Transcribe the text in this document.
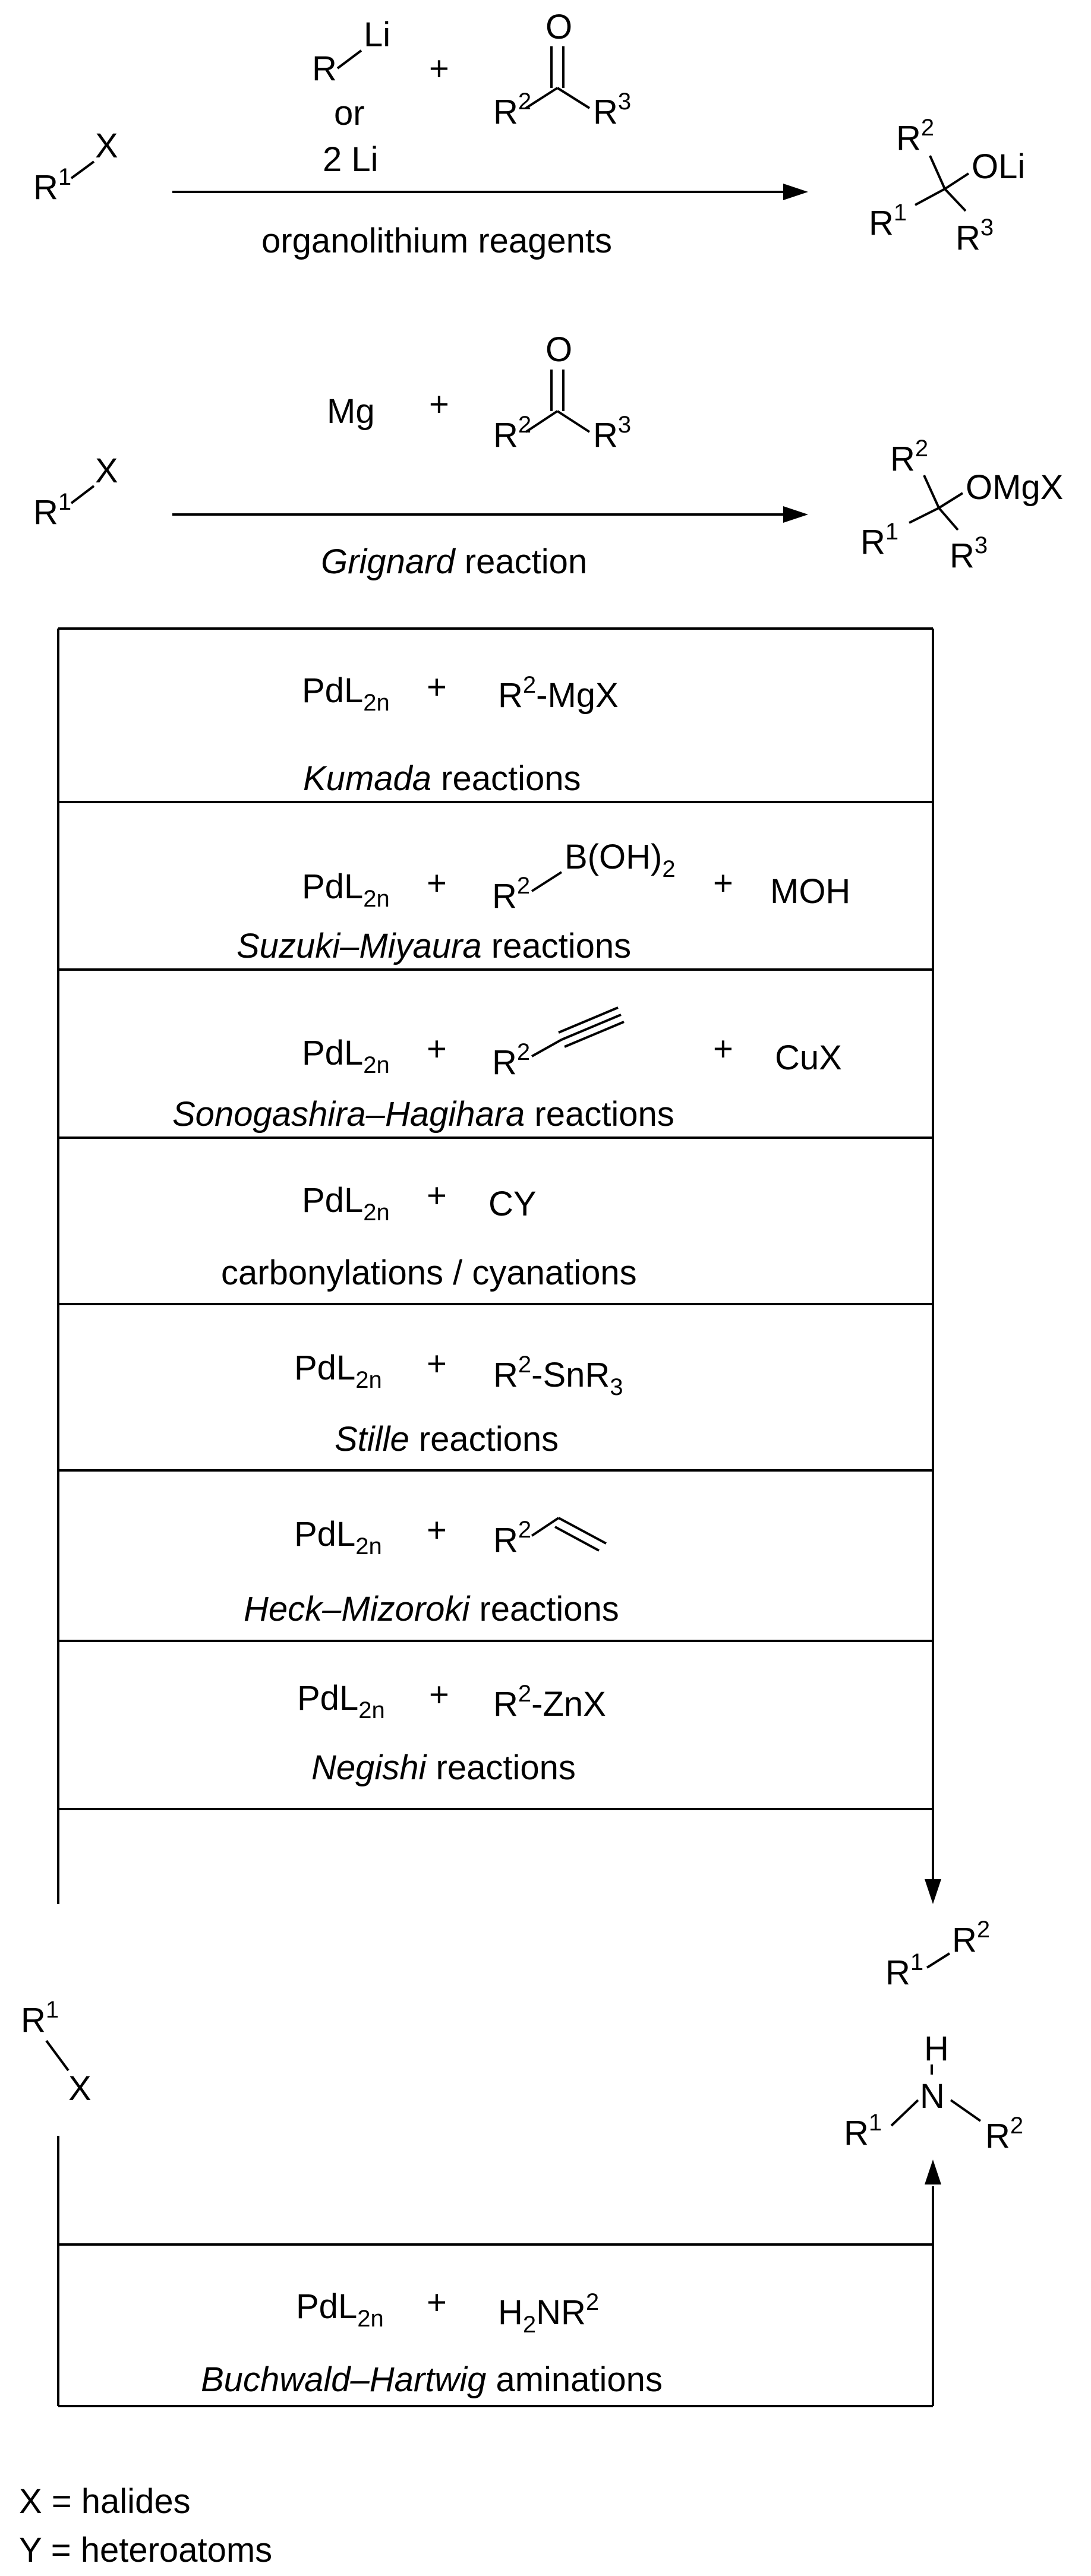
$R^1$
X
R
Li
+
or
2 Li
O
$R^2$ $R^3$
organolithium reagents
$R^2$
OLi
$R^1$
$R^3$
$R^1$
X
Mg +
O
$R^2$ $R^3$
Grignard reaction
$R^2$
OMgX
$R^1$
$R^3$
$PdL_{2n} + R^2$-MgX
Kumada reactions
$PdL_{2n} + R^2$
$B(OH)_2$ + MOH
Suzuki–Miyaura reactions
$PdL_{2n} + R^2$	+ CuX
Sonogashira–Hagihara reactions
PdL$_{2n}$ + CY
carbonylations / cyanations
$PdL_{2n} + R^2-SnR_3$
Stille reactions
$PdL_{2n} + R^2$
Heck–Mizoroki reactions
$PdL_{2n} + R^2$-ZnX
Negishi reactions
$R^1$
X
$R^1$
$R^2$
H
N
$R^1$	$R^2$
$PdL_{2n} + H_2NR^2$
Buchwald–Hartwig aminations
X = halides
Y = heteroatoms
